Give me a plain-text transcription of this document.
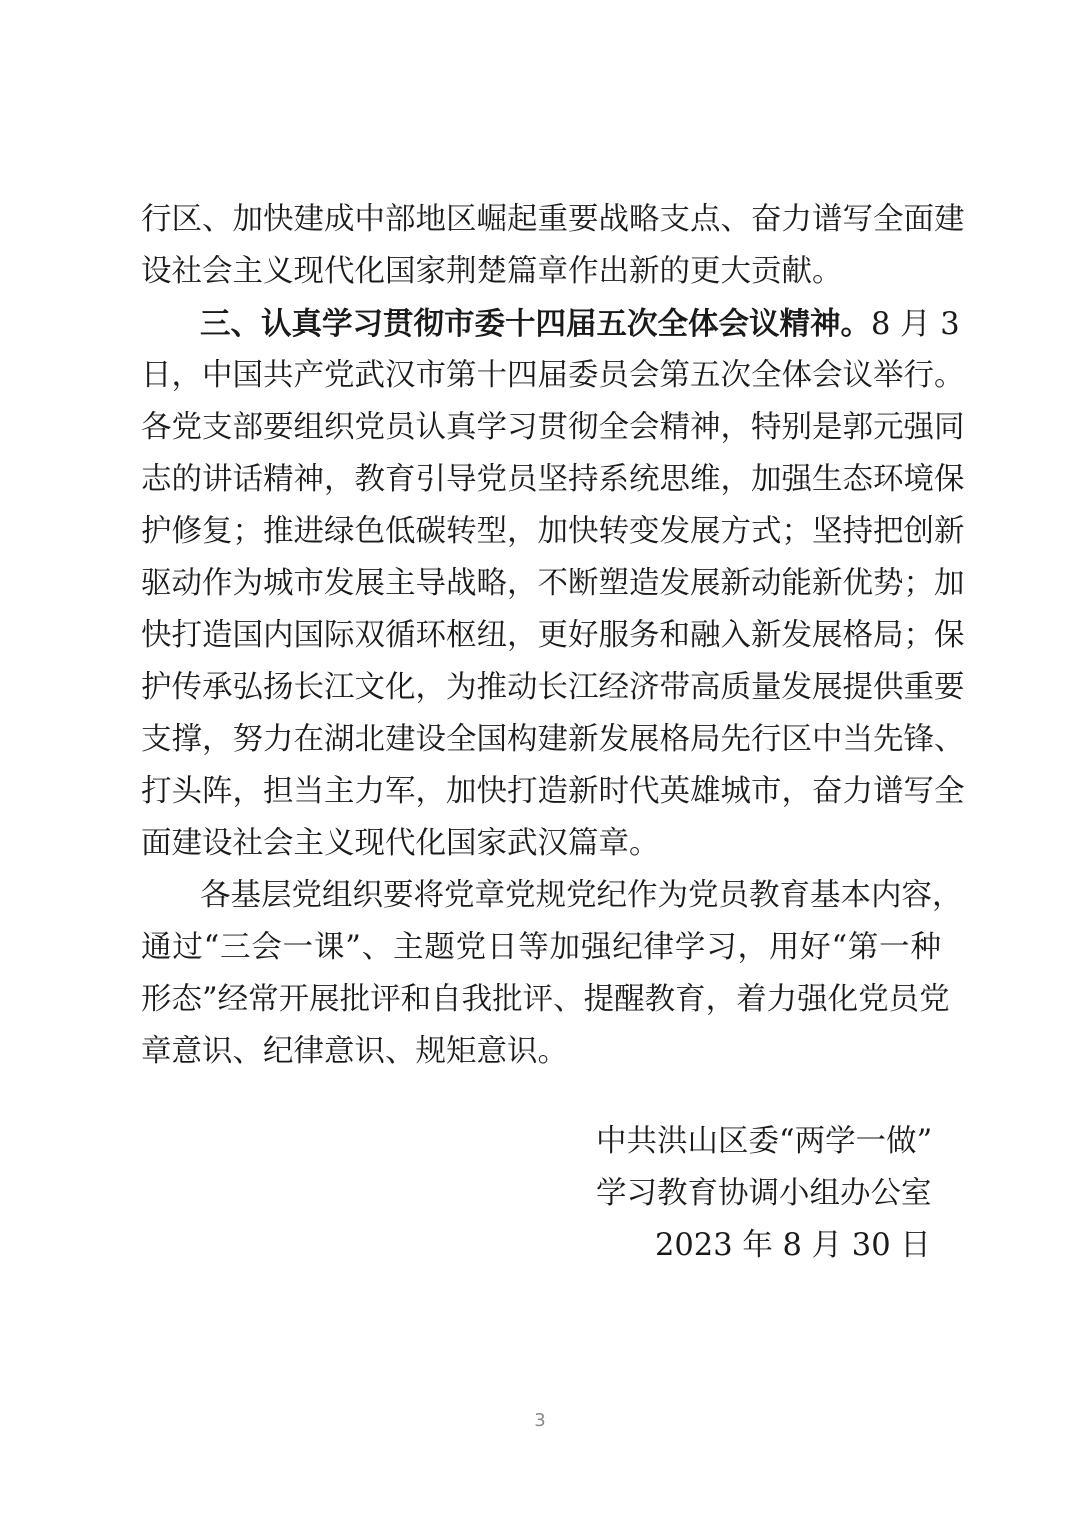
行区、加快建成中部地区崛起重要战略支点、奋力谱写全面建
设社会主义现代化国家荆楚篇章作出新的更大贡献。
三、认真学习贯彻市委十四届五次全体会议精神。8 月 3
日，中国共产党武汉市第十四届委员会第五次全体会议举行。
各党支部要组织党员认真学习贯彻全会精神，特别是郭元强同
志的讲话精神，教育引导党员坚持系统思维，加强生态环境保
护修复；推进绿色低碳转型，加快转变发展方式；坚持把创新
驱动作为城市发展主导战略，不断塑造发展新动能新优势；加
快打造国内国际双循环枢纽，更好服务和融入新发展格局；保
护传承弘扬长江文化，为推动长江经济带高质量发展提供重要
支撑，努力在湖北建设全国构建新发展格局先行区中当先锋、
打头阵，担当主力军，加快打造新时代英雄城市，奋力谱写全
面建设社会主义现代化国家武汉篇章。
各基层党组织要将党章党规党纪作为党员教育基本内容，
通过“三会一课”、主题党日等加强纪律学习，用好“第一种
形态”经常开展批评和自我批评、提醒教育，着力强化党员党
章意识、纪律意识、规矩意识。
中共洪山区委“两学一做”
学习教育协调小组办公室
2023 年 8 月 30 日
3
